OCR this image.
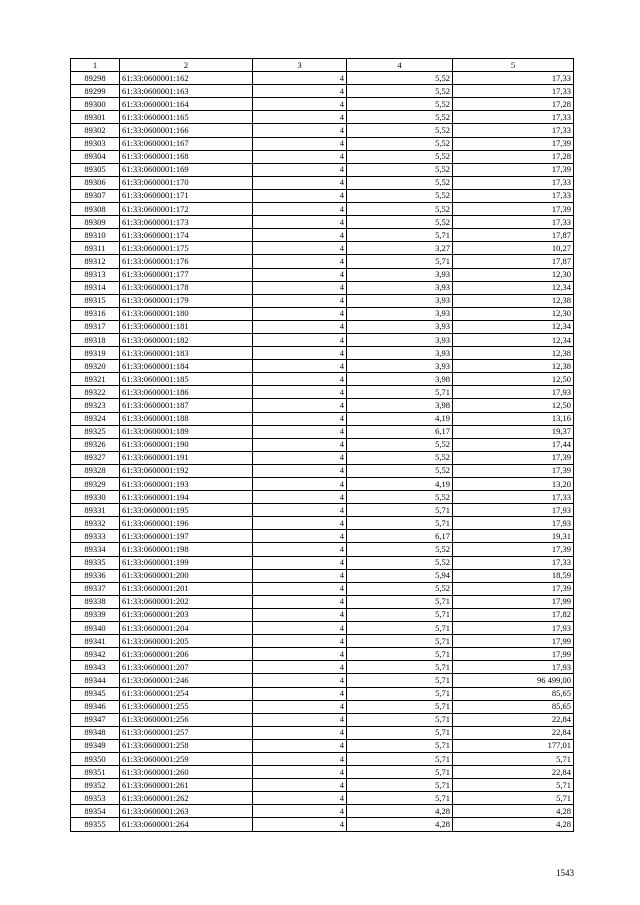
1	2	3	4	5
89298	61:33:0600001:162	4	5,52	17,33
89299	61:33:0600001:163	4	5,52	17,33
89300	61:33:0600001:164	4	5,52	17,28
89301	61:33:0600001:165	4	5,52	17,33
89302	61:33:0600001:166	4	5,52	17,33
89303	61:33:0600001:167	4	5,52	17,39
89304	61:33:0600001:168	4	5,52	17,28
89305	61:33:0600001:169	4	5,52	17,39
89306	61:33:0600001:170	4	5,52	17,33
89307	61:33:0600001:171	4	5,52	17,33
89308	61:33:0600001:172	4	5,52	17,39
89309	61:33:0600001:173	4	5,52	17,33
89310	61:33:0600001:174	4	5,71	17,87
89311	61:33:0600001:175	4	3,27	10,27
89312	61:33:0600001:176	4	5,71	17,87
89313	61:33:0600001:177	4	3,93	12,30
89314	61:33:0600001:178	4	3,93	12,34
89315	61:33:0600001:179	4	3,93	12,38
89316	61:33:0600001:180	4	3,93	12,30
89317	61:33:0600001:181	4	3,93	12,34
89318	61:33:0600001:182	4	3,93	12,34
89319	61:33:0600001:183	4	3,93	12,38
89320	61:33:0600001:184	4	3,93	12,38
89321	61:33:0600001:185	4	3,98	12,50
89322	61:33:0600001:186	4	5,71	17,93
89323	61:33:0600001:187	4	3,98	12,50
89324	61:33:0600001:188	4	4,19	13,16
89325	61:33:0600001:189	4	6,17	19,37
89326	61:33:0600001:190	4	5,52	17,44
89327	61:33:0600001:191	4	5,52	17,39
89328	61:33:0600001:192	4	5,52	17,39
89329	61:33:0600001:193	4	4,19	13,20
89330	61:33:0600001:194	4	5,52	17,33
89331	61:33:0600001:195	4	5,71	17,93
89332	61:33:0600001:196	4	5,71	17,93
89333	61:33:0600001:197	4	6,17	19,31
89334	61:33:0600001:198	4	5,52	17,39
89335	61:33:0600001:199	4	5,52	17,33
89336	61:33:0600001:200	4	5,94	18,59
89337	61:33:0600001:201	4	5,52	17,39
89338	61:33:0600001:202	4	5,71	17,99
89339	61:33:0600001:203	4	5,71	17,82
89340	61:33:0600001:204	4	5,71	17,93
89341	61:33:0600001:205	4	5,71	17,99
89342	61:33:0600001:206	4	5,71	17,99
89343	61:33:0600001:207	4	5,71	17,93
89344	61:33:0600001:246	4	5,71	96 499,00
89345	61:33:0600001:254	4	5,71	85,65
89346	61:33:0600001:255	4	5,71	85,65
89347	61:33:0600001:256	4	5,71	22,84
89348	61:33:0600001:257	4	5,71	22,84
89349	61:33:0600001:258	4	5,71	177,01
89350	61:33:0600001:259	4	5,71	5,71
89351	61:33:0600001:260	4	5,71	22,84
89352	61:33:0600001:261	4	5,71	5,71
89353	61:33:0600001:262	4	5,71	5,71
89354	61:33:0600001:263	4	4,28	4,28
89355	61:33:0600001:264	4	4,28	4,28
1543
